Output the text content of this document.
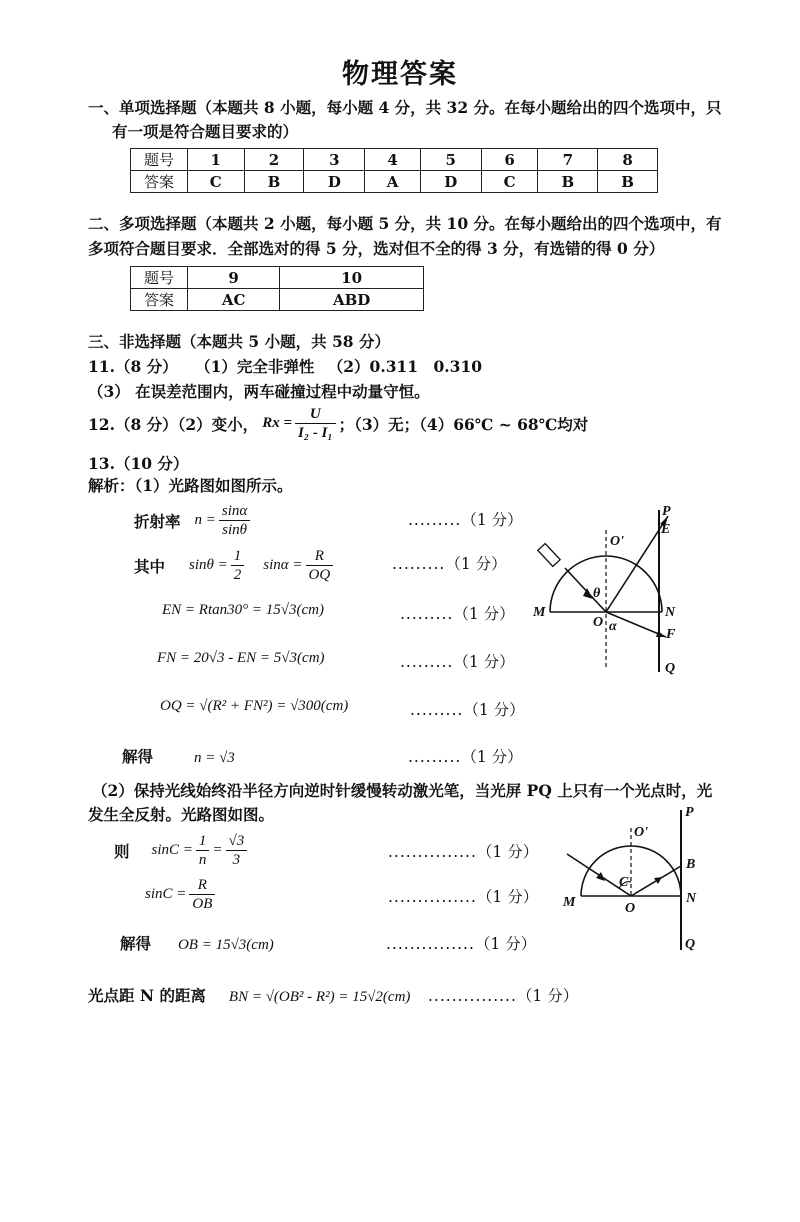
物理答案
一、单项选择题（本题共 8 小题，每小题 4 分，共 32 分。在每小题给出的四个选项中，只
有一项是符合题目要求的）
题号	1	2	3	4	5	6	7	8
答案	C	B	D	A	D	C	B	B
二、多项选择题（本题共 2 小题，每小题 5 分，共 10 分。在每小题给出的四个选项中，有
多项符合题目要求．全部选对的得 5 分，选对但不全的得 3 分，有选错的得 0 分）
题号	9	10
答案	AC	ABD
三、非选择题（本题共 5 小题，共 58 分）
11.（8 分） （1）完全非弹性 （2）0.311 0.310
（3） 在误差范围内，两车碰撞过程中动量守恒。
12.（8 分）（2）变小， $Rx = \frac{U}{\text{I₂ - I₁}}$ ；（3）无；（4）66℃ ~ 68℃均对
13.（10 分）
解析：（1）光路图如图所示。
折射率 $n = \frac{\sin\alpha}{\sin\theta}$	.........（1 分）
其中 $\sin\theta = \frac{1}{2}$ $\sin\alpha = \frac{R}{OQ}$	.........（1 分）
EN = Rtan30° = 15√3(cm)	.........（1 分）
FN = 20√3 - EN = 5√3(cm)	.........（1 分）
OQ = √(R² + FN²) = √300(cm)	.........（1 分）
解得	n = √3	.........（1 分）
（2）保持光线始终沿半径方向逆时针缓慢转动激光笔，当光屏 PQ 上只有一个光点时，光
发生全反射。光路图如图。
则 $\sin C = \frac{1}{n} = \frac{√3}{3}$	...............（1 分）
$\sin C = \frac{R}{OB}$	...............（1 分）
解得 OB = 15√3(cm)	...............（1 分）
光点距 N 的距离 BN = √(OB² - R²) = 15√2(cm) ...............（1 分）
P
E
O'
θ
M
O α
N
F
Q
P
O'
C
B
M	O
N
Q
